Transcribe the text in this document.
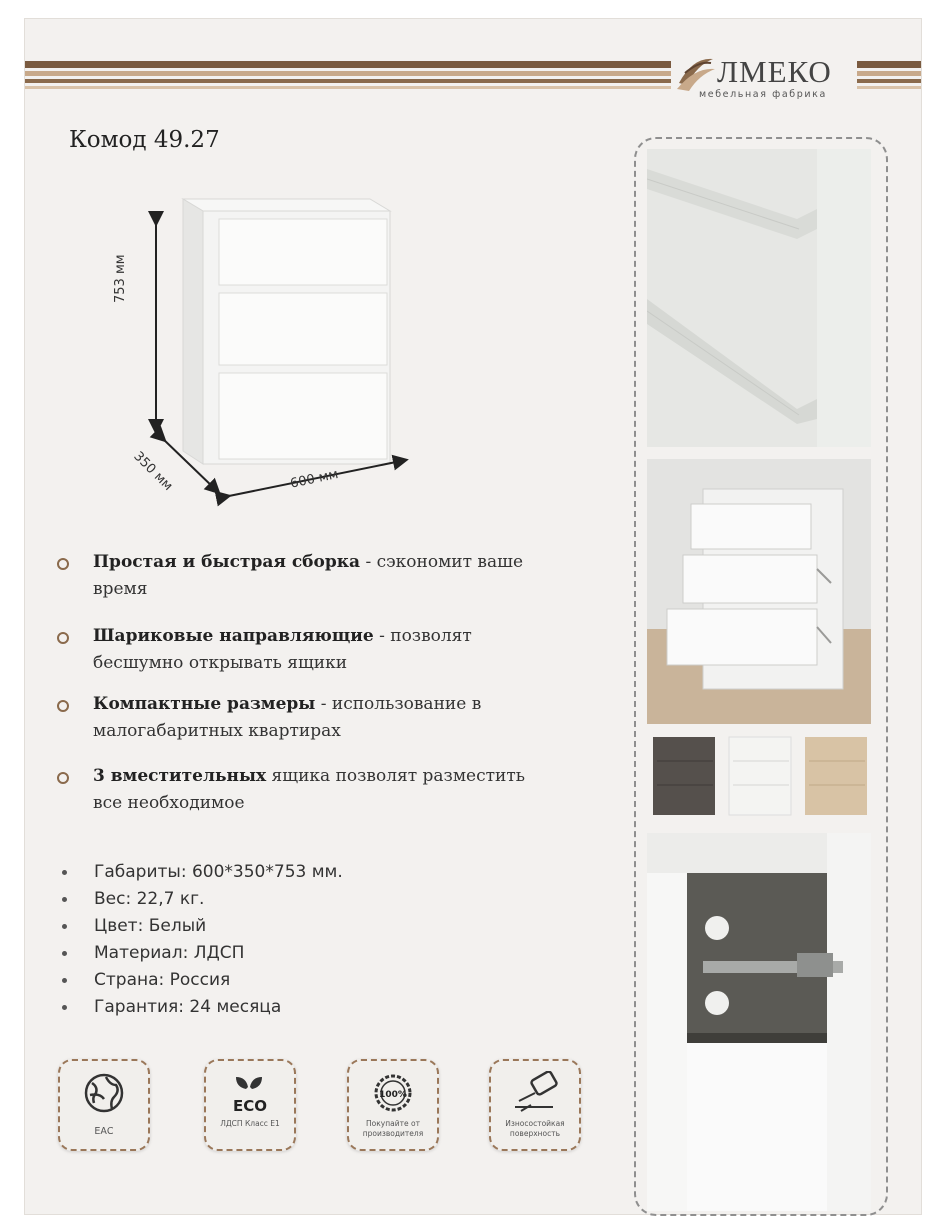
ЛМЕКО
мебельная фабрика
Комод 49.27
753 мм
350 мм	600 мм
Простая и быстрая сборка - сэкономит ваше время
Шариковые направляющие - позволят бесшумно открывать ящики
Компактные размеры - использование в малогабаритных квартирах
3 вместительных ящика позволят разместить все необходимое
Габариты: 600*350*753 мм.
Вес: 22,7 кг.
Цвет: Белый
Материал: ЛДСП
Страна: Россия
Гарантия: 24 месяца
ЕАС
ECO
ЛДСП Класс Е1
100%
Покупайте от производителя
Износостойкая поверхность
